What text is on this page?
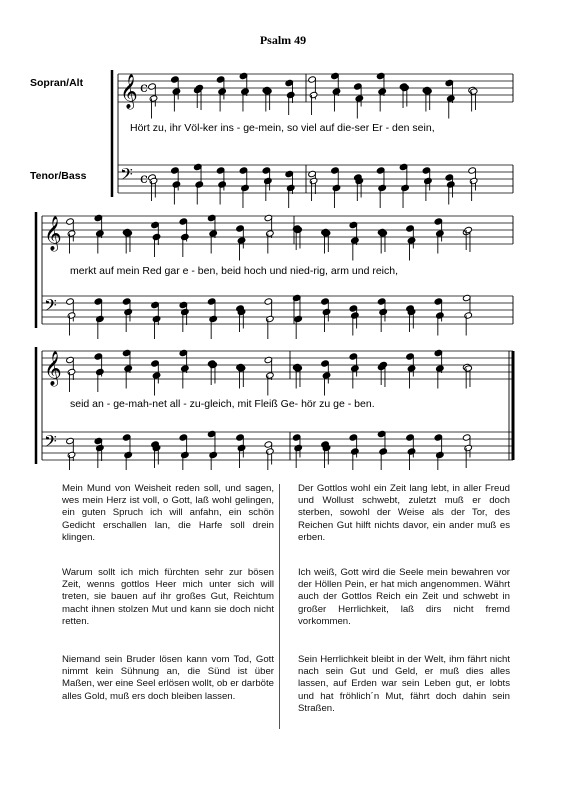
Psalm 49
Sopran/Alt
Tenor/Bass
𝄞 c
𝄢 c
𝄞
𝄢
𝄞
𝄢
Hört zu, ihr Völ-ker ins - ge-mein, so viel auf die-ser Er - den sein,
merkt auf mein Red gar e - ben, beid hoch und nied-rig, arm und reich,
seid an - ge-mah-net all - zu-gleich, mit Fleiß Ge- hör zu ge - ben.
Mein Mund von Weisheit reden soll, und sagen, wes mein Herz ist voll, o Gott, laß wohl gelingen, ein guten Spruch ich will anfahn, ein schön Gedicht erschallen lan, die Harfe soll drein klingen.
Warum sollt ich mich fürchten sehr zur bösen Zeit, wenns gottlos Heer mich unter sich will treten, sie bauen auf ihr großes Gut, Reichtum macht ihnen stolzen Mut und kann sie doch nicht retten.
Niemand sein Bruder lösen kann vom Tod, Gott nimmt kein Sühnung an, die Sünd ist über Maßen, wer eine Seel erlösen wollt, ob er darböte alles Gold, muß ers doch bleiben lassen.
Der Gottlos wohl ein Zeit lang lebt, in aller Freud und Wollust schwebt, zuletzt muß er doch sterben, sowohl der Weise als der Tor, des Reichen Gut hilft nichts davor, ein ander muß es erben.
Ich weiß, Gott wird die Seele mein bewahren vor der Höllen Pein, er hat mich angenommen. Währt auch der Gottlos Reich ein Zeit und schwebt in großer Herrlichkeit, laß dirs nicht fremd vorkommen.
Sein Herrlichkeit bleibt in der Welt, ihm fährt nicht nach sein Gut und Geld, er muß dies alles lassen, auf Erden war sein Leben gut, er lobts und hat fröhlich´n Mut, fährt doch dahin sein Straßen.
